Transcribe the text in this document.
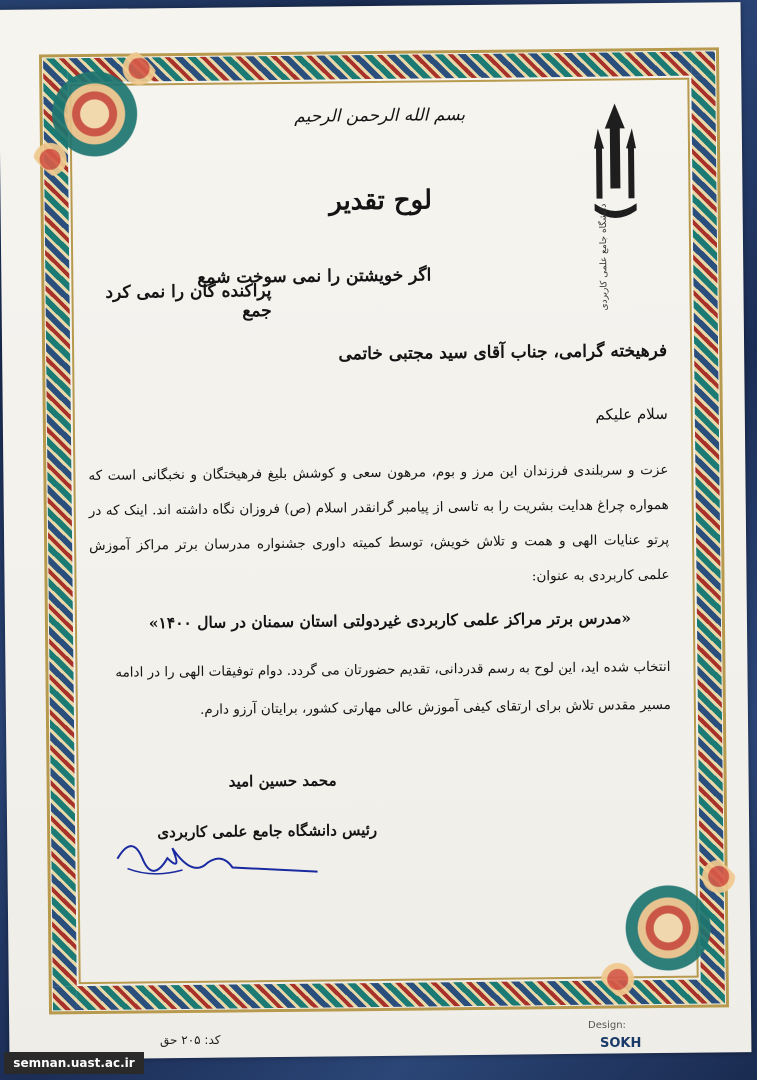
دانشگاه جامع علمی کاربردی
بسم الله الرحمن الرحیم
لوح تقدیر
اگر خویشتن را نمی سوخت شمع
پراکنده گان را نمی کرد جمع
فرهیخته گرامی، جناب آقای سید مجتبی خاتمی
سلام علیکم
عزت و سربلندی فرزندان این مرز و بوم، مرهون سعی و کوشش بلیغ فرهیختگان و نخبگانی است که همواره چراغ هدایت بشریت را به تاسی از پیامبر گرانقدر اسلام (ص) فروزان نگاه داشته اند. اینک که در پرتو عنایات الهی و همت و تلاش خویش، توسط کمیته داوری جشنواره مدرسان برتر مراکز آموزش علمی کاربردی به عنوان:
«مدرس برتر مراکز علمی کاربردی غیردولتی استان سمنان در سال ۱۴۰۰»
انتخاب شده اید، این لوح به رسم قدردانی، تقدیم حضورتان می گردد. دوام توفیقات الهی را در ادامه مسیر مقدس تلاش برای ارتقای کیفی آموزش عالی مهارتی کشور، برایتان آرزو دارم.
محمد حسین امید
رئیس دانشگاه جامع علمی کاربردی
کد: ۲۰۵ حق
Design:
SOKH
semnan.uast.ac.ir
